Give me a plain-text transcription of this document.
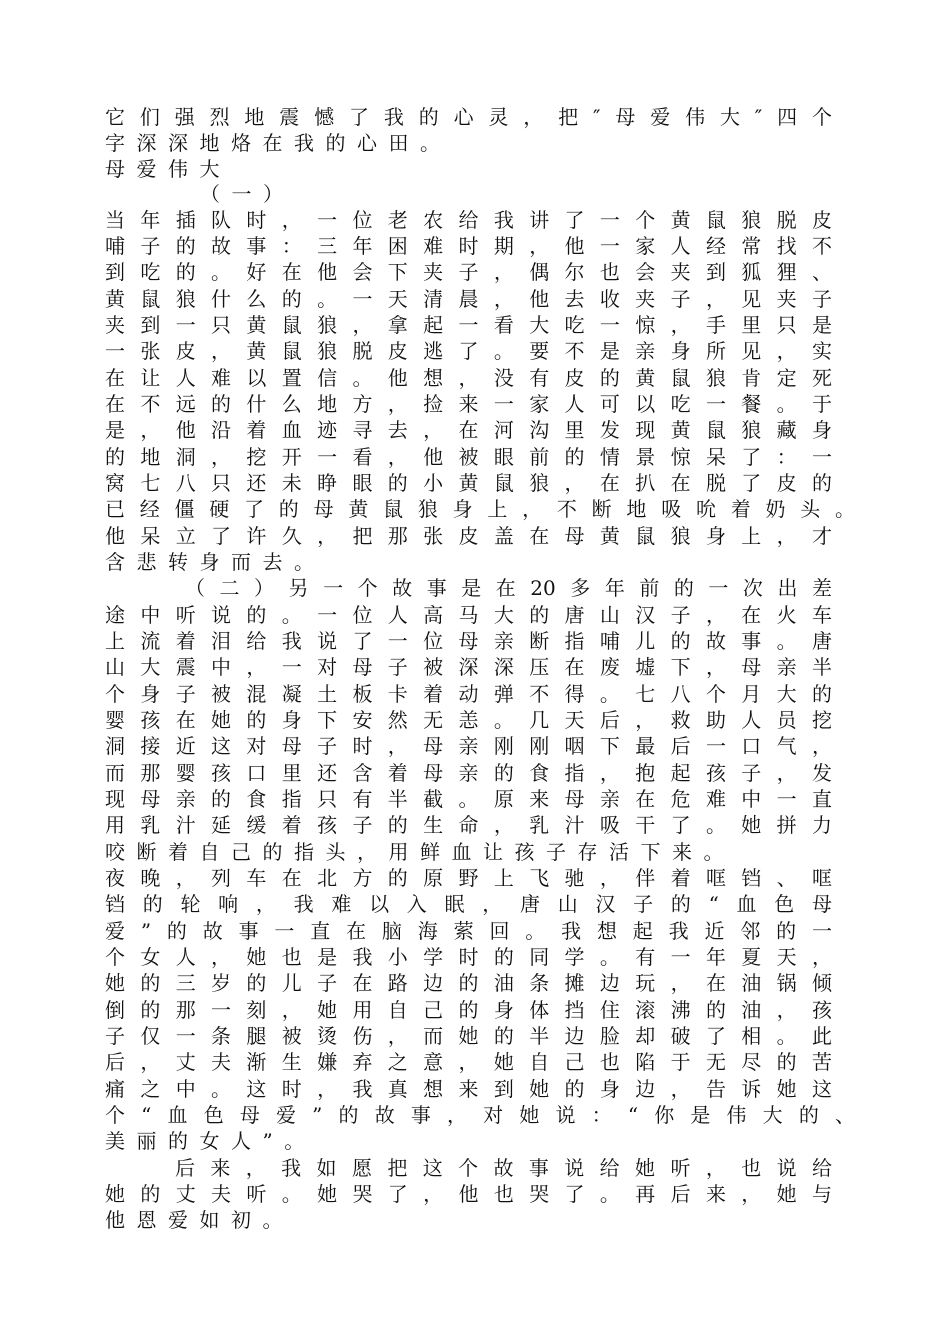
它们强烈地震憾了我的心灵，把″母爱伟大″四个
字深深地烙在我的心田。
母爱伟大
（一）
当年插队时，一位老农给我讲了一个黄鼠狼脱皮
哺子的故事：三年困难时期，他一家人经常找不
到吃的。好在他会下夹子，偶尔也会夹到狐狸、
黄鼠狼什么的。一天清晨，他去收夹子，见夹子
夹到一只黄鼠狼，拿起一看大吃一惊，手里只是
一张皮，黄鼠狼脱皮逃了。要不是亲身所见，实
在让人难以置信。他想，没有皮的黄鼠狼肯定死
在不远的什么地方，捡来一家人可以吃一餐。于
是，他沿着血迹寻去，在河沟里发现黄鼠狼藏身
的地洞，挖开一看，他被眼前的情景惊呆了：一
窝七八只还未睁眼的小黄鼠狼，在扒在脱了皮的
已经僵硬了的母黄鼠狼身上，不断地吸吮着奶头。
他呆立了许久，把那张皮盖在母黄鼠狼身上，才
含悲转身而去。
（二）另一个故事是在20多年前的一次出差
途中听说的。一位人高马大的唐山汉子，在火车
上流着泪给我说了一位母亲断指哺儿的故事。唐
山大震中，一对母子被深深压在废墟下，母亲半
个身子被混凝土板卡着动弹不得。七八个月大的
婴孩在她的身下安然无恙。几天后，救助人员挖
洞接近这对母子时，母亲刚刚咽下最后一口气，
而那婴孩口里还含着母亲的食指，抱起孩子，发
现母亲的食指只有半截。原来母亲在危难中一直
用乳汁延缓着孩子的生命，乳汁吸干了。她拼力
咬断着自己的指头，用鲜血让孩子存活下来。
夜晚，列车在北方的原野上飞驰，伴着哐铛、哐
铛的轮响，我难以入眠，唐山汉子的“血色母
爱”的故事一直在脑海萦回。我想起我近邻的一
个女人，她也是我小学时的同学。有一年夏天，
她的三岁的儿子在路边的油条摊边玩，在油锅倾
倒的那一刻，她用自己的身体挡住滚沸的油，孩
子仅一条腿被烫伤，而她的半边脸却破了相。此
后，丈夫渐生嫌弃之意，她自己也陷于无尽的苦
痛之中。这时，我真想来到她的身边，告诉她这
个“血色母爱”的故事，对她说：“你是伟大的、
美丽的女人”。
后来，我如愿把这个故事说给她听，也说给
她的丈夫听。她哭了，他也哭了。再后来，她与
他恩爱如初。
